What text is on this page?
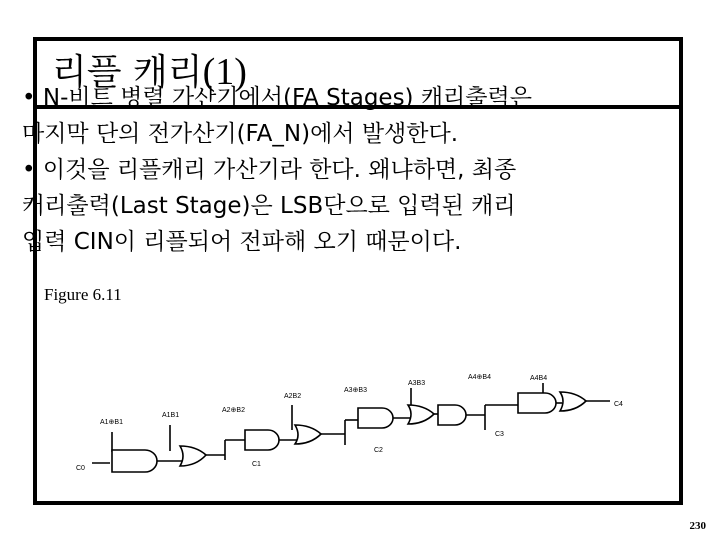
리플 캐리(1)

• N-비트 병렬 가산기에서(FA Stages) 캐리출력은

마지막 단의 전가산기(FA_N)에서 발생한다.

• 이것을 리플캐리 가산기라 한다. 왜냐하면, 최종

캐리출력(Last Stage)은 LSB단으로 입력된 캐리

입력 CIN이 리플되어 전파해 오기 때문이다.

Figure 6.11
A1⊕B1
A1B1
A2⊕B2
A2B2
A3⊕B3
A3B3
A4⊕B4	A4B4
C0
C1
C2
C3
C4
230
